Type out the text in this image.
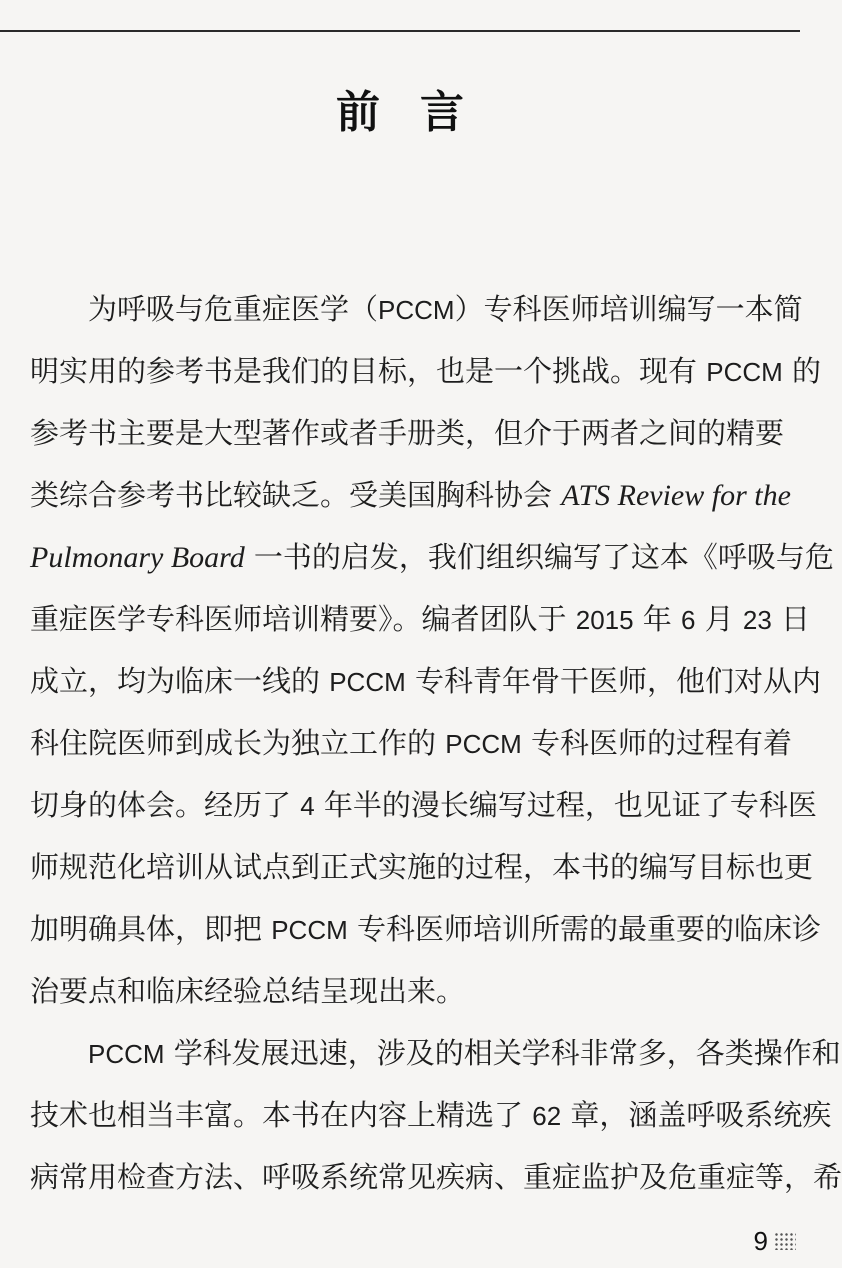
前言
为呼吸与危重症医学（PCCM）专科医师培训编写一本简
明实用的参考书是我们的目标，也是一个挑战。现有 PCCM 的
参考书主要是大型著作或者手册类，但介于两者之间的精要
类综合参考书比较缺乏。受美国胸科协会 ATS Review for the
Pulmonary Board 一书的启发，我们组织编写了这本《呼吸与危
重症医学专科医师培训精要》。编者团队于 2015 年 6 月 23 日
成立，均为临床一线的 PCCM 专科青年骨干医师，他们对从内
科住院医师到成长为独立工作的 PCCM 专科医师的过程有着
切身的体会。经历了 4 年半的漫长编写过程，也见证了专科医
师规范化培训从试点到正式实施的过程，本书的编写目标也更
加明确具体，即把 PCCM 专科医师培训所需的最重要的临床诊
治要点和临床经验总结呈现出来。
PCCM 学科发展迅速，涉及的相关学科非常多，各类操作和
技术也相当丰富。本书在内容上精选了 62 章，涵盖呼吸系统疾
病常用检查方法、呼吸系统常见疾病、重症监护及危重症等，希
9
